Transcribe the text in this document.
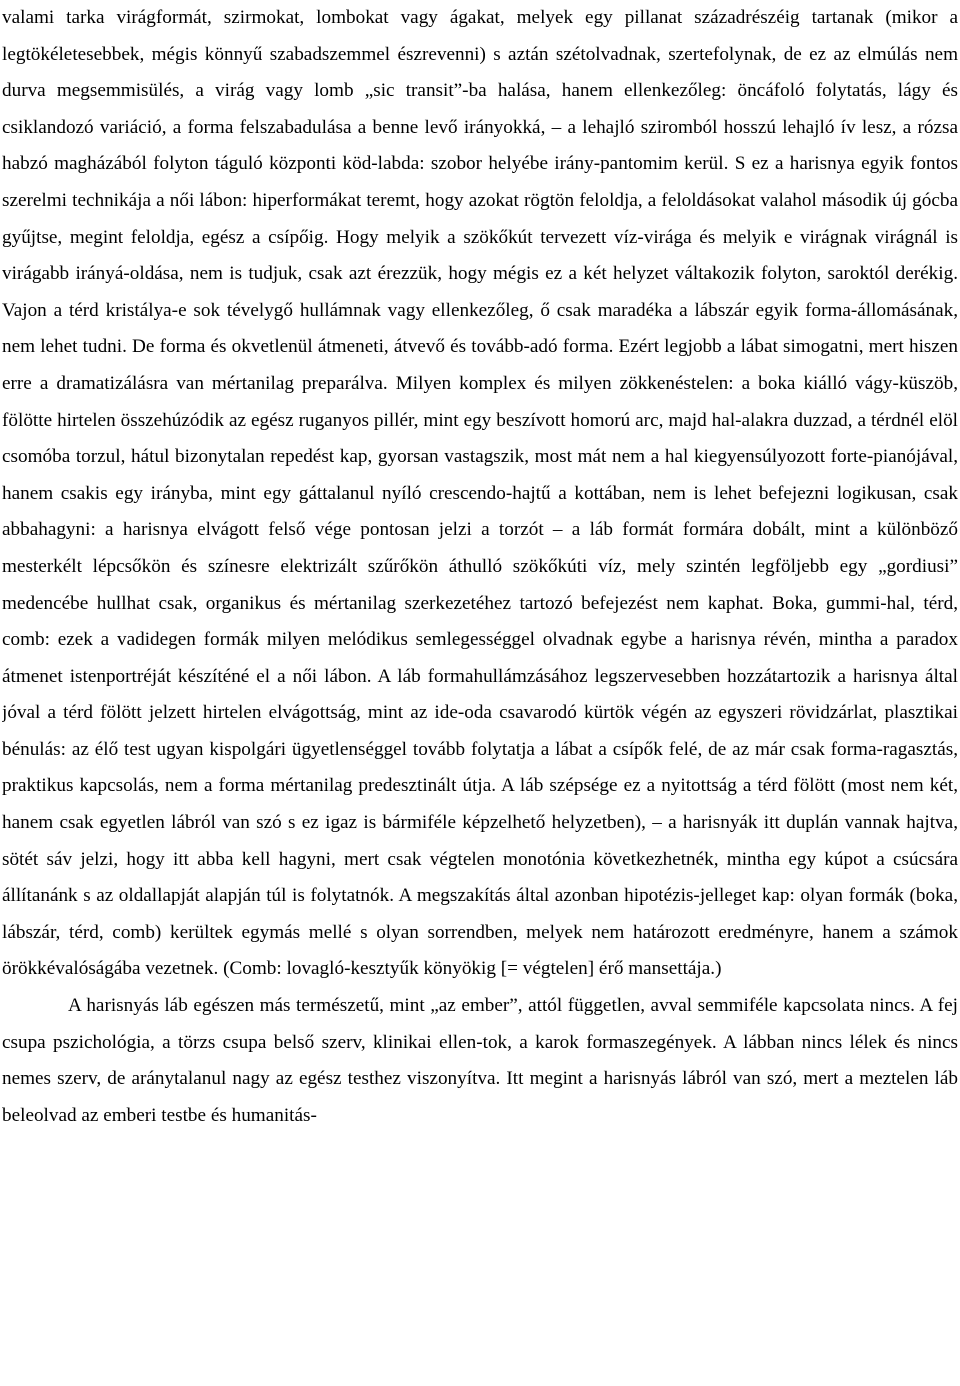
valami tarka virágformát, szirmokat, lombokat vagy ágakat, melyek egy pillanat századrészéig tartanak (mikor a legtökéletesebbek, mégis könnyű szabadszemmel észrevenni) s aztán szétolvadnak, szertefolynak, de ez az elmúlás nem durva megsemmisülés, a virág vagy lomb „sic transit”-ba halása, hanem ellenkezőleg: öncáfoló folytatás, lágy és csiklandozó variáció, a forma felszabadulása a benne levő irányokká, – a lehajló sziromból hosszú lehajló ív lesz, a rózsa habzó magházából folyton táguló központi köd-labda: szobor helyébe irány-pantomim kerül. S ez a harisnya egyik fontos szerelmi technikája a női lábon: hiperformákat teremt, hogy azokat rögtön feloldja, a feloldásokat valahol második új gócba gyűjtse, megint feloldja, egész a csípőig. Hogy melyik a szökőkút tervezett víz-virága és melyik e virágnak virágnál is virágabb irányá-oldása, nem is tudjuk, csak azt érezzük, hogy mégis ez a két helyzet váltakozik folyton, saroktól derékig. Vajon a térd kristálya-e sok tévelygő hullámnak vagy ellenkezőleg, ő csak maradéka a lábszár egyik forma-állomásának, nem lehet tudni. De forma és okvetlenül átmeneti, átvevő és tovább-adó forma. Ezért legjobb a lábat simogatni, mert hiszen erre a dramatizálásra van mértanilag preparálva. Milyen komplex és milyen zökkenéstelen: a boka kiálló vágy-küszöb, fölötte hirtelen összehúzódik az egész ruganyos pillér, mint egy beszívott homorú arc, majd hal-alakra duzzad, a térdnél elöl csomóba torzul, hátul bizonytalan repedést kap, gyorsan vastagszik, most mát nem a hal kiegyensúlyozott forte-pianójával, hanem csakis egy irányba, mint egy gáttalanul nyíló crescendo-hajtű a kottában, nem is lehet befejezni logikusan, csak abbahagyni: a harisnya elvágott felső vége pontosan jelzi a torzót – a láb formát formára dobált, mint a különböző mesterkélt lépcsőkön és színesre elektrizált szűrőkön áthulló szökőkúti víz, mely szintén legföljebb egy „gordiusi” medencébe hullhat csak, organikus és mértanilag szerkezetéhez tartozó befejezést nem kaphat. Boka, gummi-hal, térd, comb: ezek a vadidegen formák milyen melódikus semlegességgel olvadnak egybe a harisnya révén, mintha a paradox átmenet istenportréját készíténé el a női lábon. A láb formahullámzásához legszervesebben hozzátartozik a harisnya által jóval a térd fölött jelzett hirtelen elvágottság, mint az ide-oda csavarodó kürtök végén az egyszeri rövidzárlat, plasztikai bénulás: az élő test ugyan kispolgári ügyetlenséggel tovább folytatja a lábat a csípők felé, de az már csak forma-ragasztás, praktikus kapcsolás, nem a forma mértanilag predesztinált útja. A láb szépsége ez a nyitottság a térd fölött (most nem két, hanem csak egyetlen lábról van szó s ez igaz is bármiféle képzelhető helyzetben), – a harisnyák itt duplán vannak hajtva, sötét sáv jelzi, hogy itt abba kell hagyni, mert csak végtelen monotónia következhetnék, mintha egy kúpot a csúcsára állítanánk s az oldallapját alapján túl is folytatnók. A megszakítás által azonban hipotézis-jelleget kap: olyan formák (boka, lábszár, térd, comb) kerültek egymás mellé s olyan sorrendben, melyek nem határozott eredményre, hanem a számok örökkévalóságába vezetnek. (Comb: lovagló-kesztyűk könyökig [= végtelen] érő mansettája.)

A harisnyás láb egészen más természetű, mint „az ember”, attól független, avval semmiféle kapcsolata nincs. A fej csupa pszichológia, a törzs csupa belső szerv, klinikai ellen-tok, a karok formaszegények. A lábban nincs lélek és nincs nemes szerv, de aránytalanul nagy az egész testhez viszonyítva. Itt megint a harisnyás lábról van szó, mert a meztelen láb beleolvad az emberi testbe és humanitás-
